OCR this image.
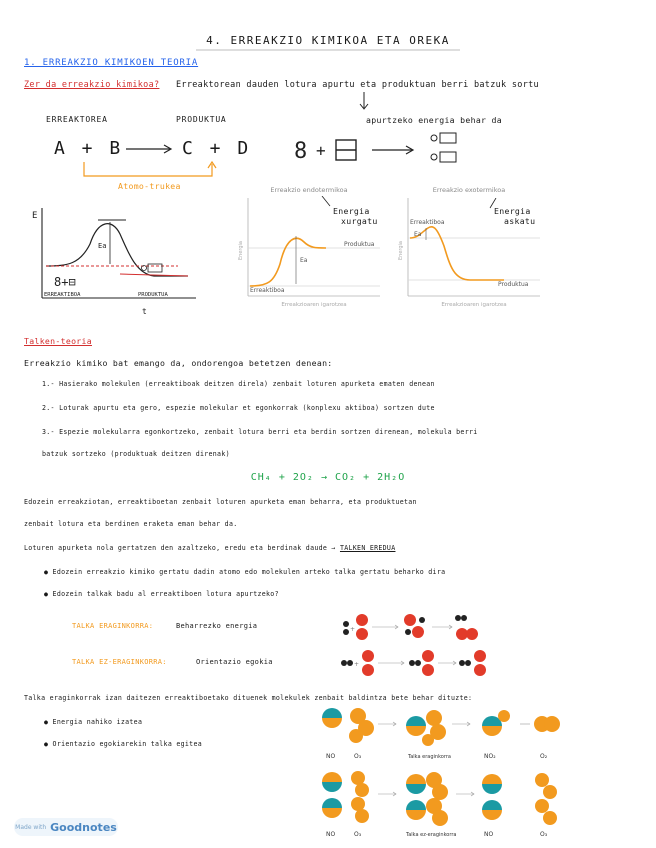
4. ERREAKZIO KIMIKOA ETA OREKA
1. ERREAKZIO KIMIKOEN TEORIA
Zer da erreakzio kimikoa? Erreaktorean dauden lotura apurtu eta produktuan berri batzuk sortu
apurtzeko energia behar da
ERREAKTOREA	PRODUKTUA
A + B → C + D 8 +
Atomo-trukea
E
Ea
8+⊟
ERREAKTIBOA	PRODUKTUA
t
Erreakzio endotermikoa
Ea
Produktua
Erreaktiboa
Energia
Erreakzioaren igarotzea
Energia
xurgatu
Erreakzio exotermikoa
Ea
Erreaktiboa
Produktua
Energia
Erreakzioaren igarotzea
Energia
askatu
Talken-teoria
Erreakzio kimiko bat emango da, ondorengoa betetzen denean:
1.- Hasierako molekulen (erreaktiboak deitzen direla) zenbait loturen apurketa ematen denean
2.- Loturak apurtu eta gero, espezie molekular et egonkorrak (konplexu aktiboa) sortzen dute
3.- Espezie molekularra egonkortzeko, zenbait lotura berri eta berdin sortzen direnean, molekula berri
batzuk sortzeko (produktuak deitzen direnak)
CH₄ + 2O₂ → CO₂ + 2H₂O
Edozein erreakziotan, erreaktiboetan zenbait loturen apurketa eman beharra, eta produktuetan
zenbait lotura eta berdinen eraketa eman behar da.
Loturen apurketa nola gertatzen den azaltzeko, eredu eta berdinak daude → TALKEN EREDUA
● Edozein erreakzio kimiko gertatu dadin atomo edo molekulen arteko talka gertatu beharko dira
● Edozein talkak badu al erreaktiboen lotura apurtzeko?
TALKA ERAGINKORRA:	Beharrezko energia	+
TALKA EZ-ERAGINKORRA:	Orientazio egokia	+
Talka eraginkorrak izan daitezen erreaktiboetako dituenek molekulek zenbait baldintza bete behar dituzte:
● Energia nahiko izatea
● Orientazio egokiarekin talka egitea
NO	O₃	Talka eraginkorra	NO₂	O₂
NO	O₃	Talka ez-eraginkorra	NO	O₃
Made with Goodnotes
